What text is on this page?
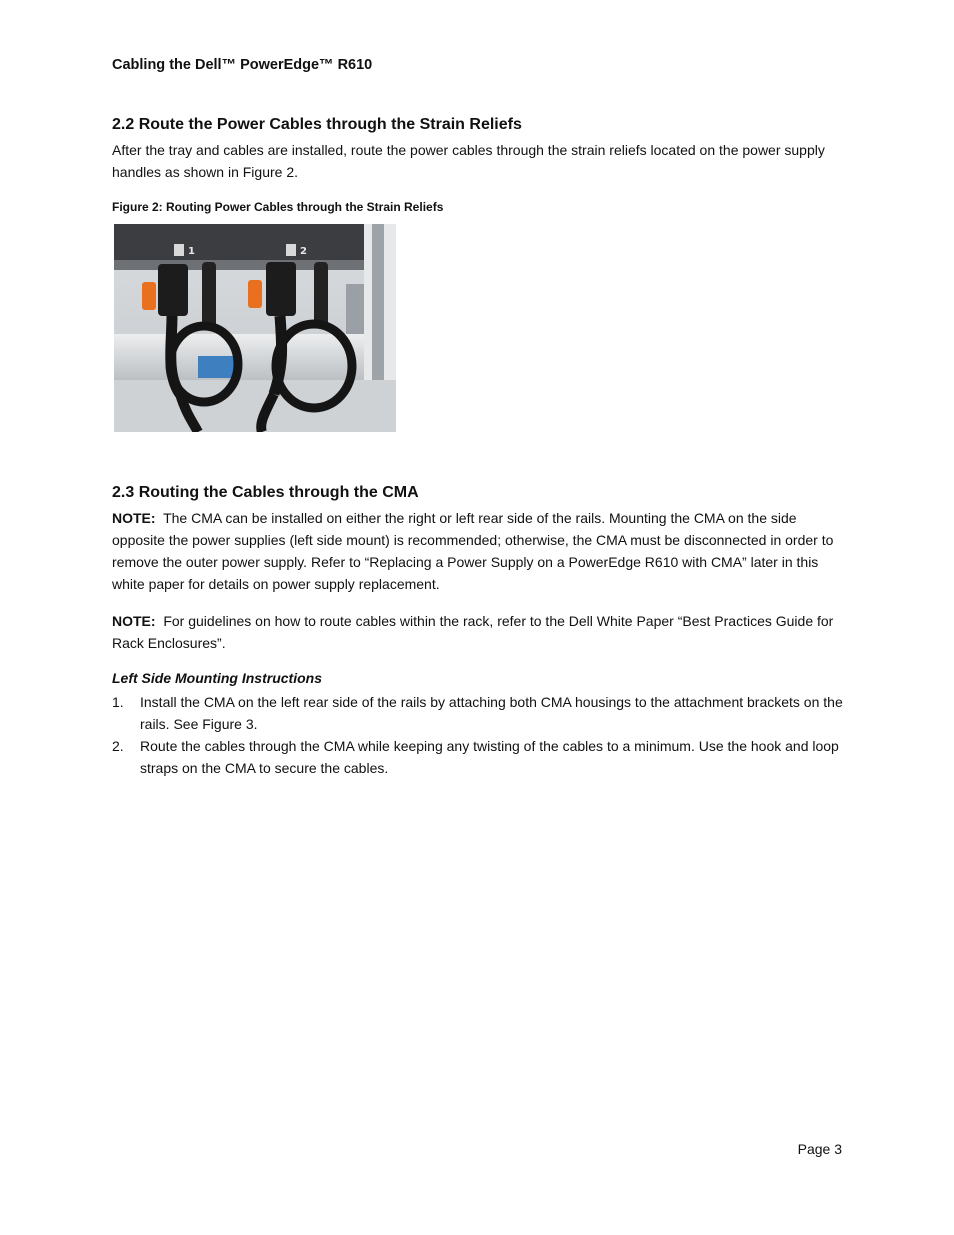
Cabling the Dell™ PowerEdge™ R610
2.2 Route the Power Cables through the Strain Reliefs

After the tray and cables are installed, route the power cables through the strain reliefs located on the power supply handles as shown in Figure 2.

Figure 2: Routing Power Cables through the Strain Reliefs
1	2
2.3 Routing the Cables through the CMA

NOTE: The CMA can be installed on either the right or left rear side of the rails. Mounting the CMA on the side opposite the power supplies (left side mount) is recommended; otherwise, the CMA must be disconnected in order to remove the outer power supply. Refer to “Replacing a Power Supply on a PowerEdge R610 with CMA” later in this white paper for details on power supply replacement.

NOTE: For guidelines on how to route cables within the rack, refer to the Dell White Paper “Best Practices Guide for Rack Enclosures”.

Left Side Mounting Instructions
1. Install the CMA on the left rear side of the rails by attaching both CMA housings to the attachment brackets on the rails. See Figure 3.
2. Route the cables through the CMA while keeping any twisting of the cables to a minimum. Use the hook and loop straps on the CMA to secure the cables.
Page 3
